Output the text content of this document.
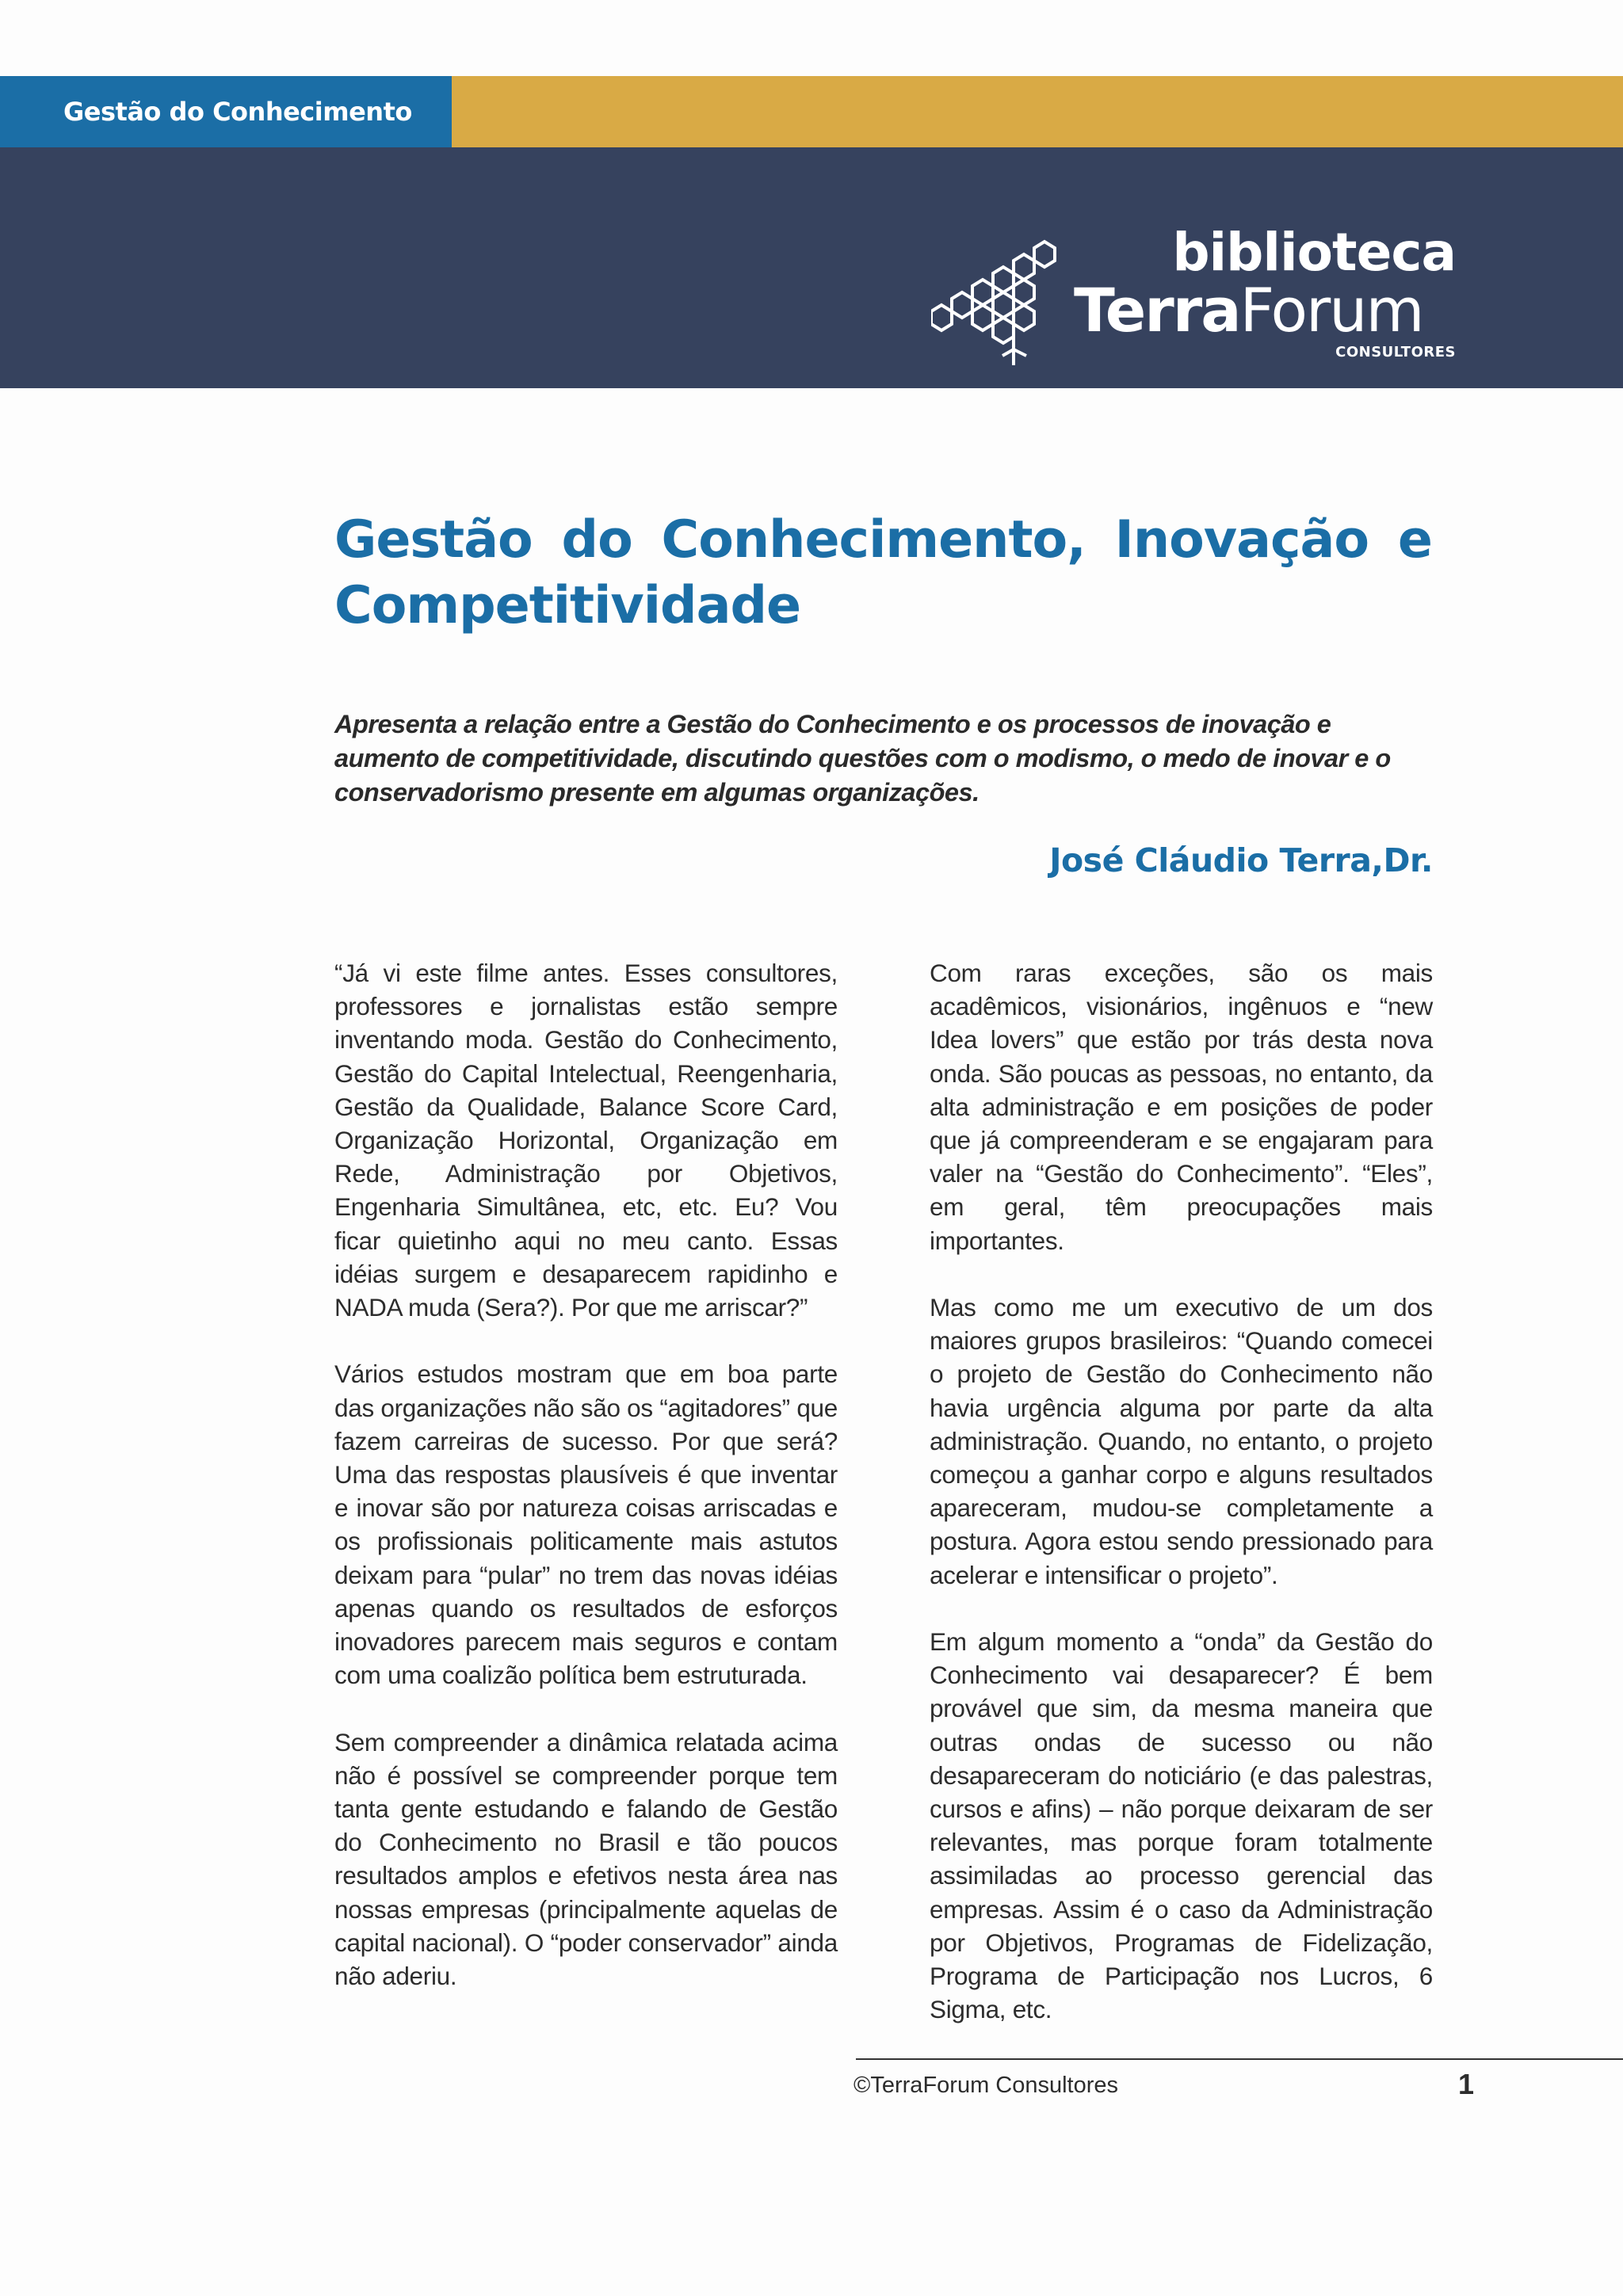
Gestão do Conhecimento
biblioteca
TerraForum
CONSULTORES
Gestão do Conhecimento, Inovação e Competitividade
Apresenta a relação entre a Gestão do Conhecimento e os processos de inovação e aumento de competitividade, discutindo questões com o modismo, o medo de inovar e o conservadorismo presente em algumas organizações.
José Cláudio Terra,Dr.

“Já vi este filme antes. Esses consultores, professores e jornalistas estão sempre inventando moda. Gestão do Conhecimento, Gestão do Capital Intelectual, Reengenharia, Gestão da Qualidade, Balance Score Card, Organização Horizontal, Organização em Rede, Administração por Objetivos, Engenharia Simultânea, etc, etc. Eu? Vou ficar quietinho aqui no meu canto. Essas idéias surgem e desaparecem rapidinho e NADA muda (Sera?). Por que me arriscar?”

Vários estudos mostram que em boa parte das organizações não são os “agitadores” que fazem carreiras de sucesso. Por que será? Uma das respostas plausíveis é que inventar e inovar são por natureza coisas arriscadas e os profissionais politicamente mais astutos deixam para “pular” no trem das novas idéias apenas quando os resultados de esforços inovadores parecem mais seguros e contam com uma coalizão política bem estruturada.

Sem compreender a dinâmica relatada acima não é possível se compreender porque tem tanta gente estudando e falando de Gestão do Conhecimento no Brasil e tão poucos resultados amplos e efetivos nesta área nas nossas empresas (principalmente aquelas de capital nacional). O “poder conservador” ainda não aderiu.

Com raras exceções, são os mais acadêmicos, visionários, ingênuos e “new Idea lovers” que estão por trás desta nova onda. São poucas as pessoas, no entanto, da alta administração e em posições de poder que já compreenderam e se engajaram para valer na “Gestão do Conhecimento”. “Eles”, em geral, têm preocupações mais importantes.

Mas como me um executivo de um dos maiores grupos brasileiros: “Quando comecei o projeto de Gestão do Conhecimento não havia urgência alguma por parte da alta administração. Quando, no entanto, o projeto começou a ganhar corpo e alguns resultados apareceram, mudou-se completamente a postura. Agora estou sendo pressionado para acelerar e intensificar o projeto”.

Em algum momento a “onda” da Gestão do Conhecimento vai desaparecer? É bem provável que sim, da mesma maneira que outras ondas de sucesso ou não desapareceram do noticiário (e das palestras, cursos e afins) – não porque deixaram de ser relevantes, mas porque foram totalmente assimiladas ao processo gerencial das empresas. Assim é o caso da Administração por Objetivos, Programas de Fidelização, Programa de Participação nos Lucros, 6 Sigma, etc.

©TerraForum Consultores	1
